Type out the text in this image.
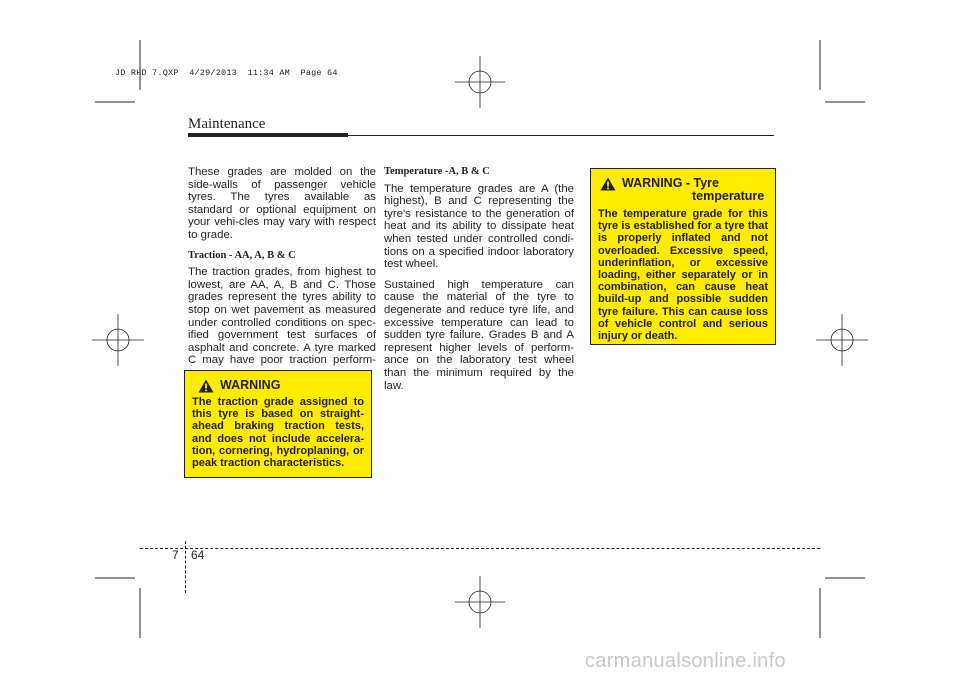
JD RHD 7.QXP  4/29/2013  11:34 AM  Page 64
Maintenance

These grades are molded on the side-walls of passenger vehicle tyres. The tyres available as standard or optional equipment on your vehi-cles may vary with respect to grade.

Traction - AA, A, B & C

The traction grades, from highest to lowest, are AA, A, B and C. Those grades represent the tyres ability to stop on wet pavement as measured under controlled conditions on spec-ified government test surfaces of asphalt and concrete. A tyre marked C may have poor traction perform-

Temperature -A, B & C

The temperature grades are A (the highest), B and C representing the tyre's resistance to the generation of heat and its ability to dissipate heat when tested under controlled condi-tions on a specified indoor laboratory test wheel.

Sustained high temperature can cause the material of the tyre to degenerate and reduce tyre life, and excessive temperature can lead to sudden tyre failure. Grades B and A represent higher levels of perform-ance on the laboratory test wheel than the minimum required by the law.

WARNING
The traction grade assigned to this tyre is based on straight-ahead braking traction tests, and does not include accelera-tion, cornering, hydroplaning, or peak traction characteristics.
WARNING - Tyre
temperature
The temperature grade for this tyre is established for a tyre that is properly inflated and not overloaded. Excessive speed, underinflation, or excessive loading, either separately or in combination, can cause heat build-up and possible sudden tyre failure. This can cause loss of vehicle control and serious injury or death.
7 64
carmanualsonline.info
